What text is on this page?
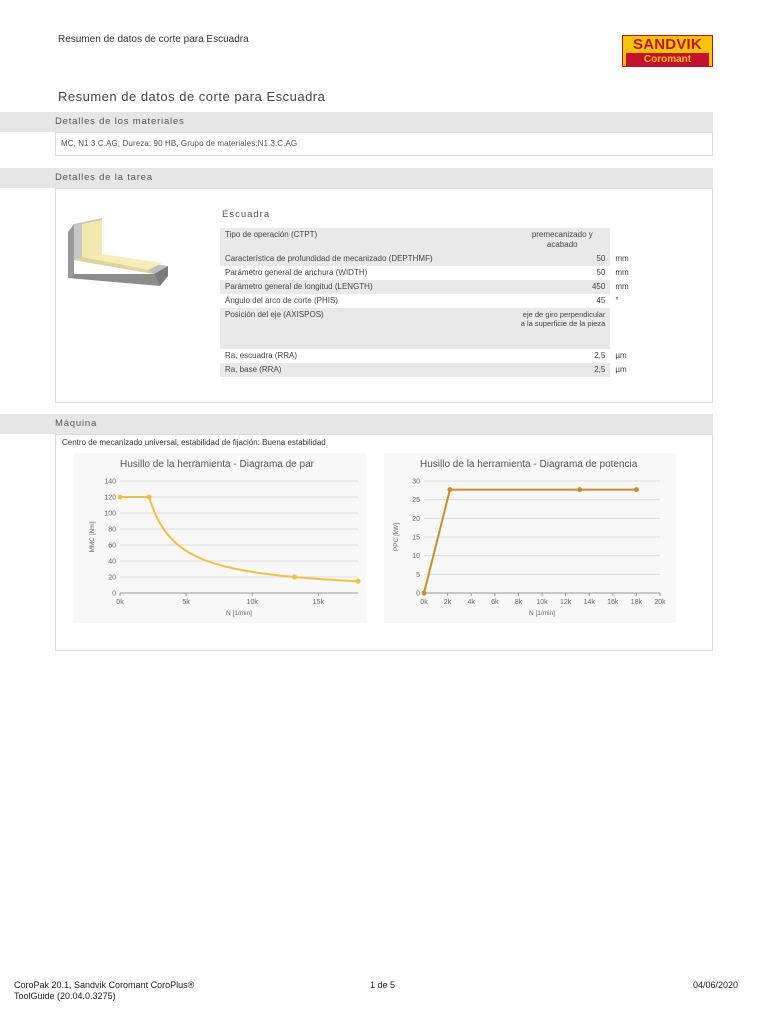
Resumen de datos de corte para Escuadra	SANDVIK
Coromant
Resumen de datos de corte para Escuadra
Detalles de los materiales
MC, N1.3.C.AG, Dureza: 90 HB, Grupo de materiales:N1.3.C.AG
Detalles de la tarea
Escuadra
Tipo de operación (CTPT)	premecanizado y acabado	
Característica de profundidad de mecanizado (DEPTHMF)	50	mm
Parámetro general de anchura (WIDTH)	50	mm
Parámetro general de longitud (LENGTH)	450	mm
Ángulo del arco de corte (PHIS)	45	°
Posición del eje (AXISPOS)	eje de giro perpendicular a la superficie de la pieza	
Ra, escuadra (RRA)	2,5	µm
Ra, base (RRA)	2,5	µm
Máquina
Centro de mecanizado universal, estabilidad de fijación: Buena estabilidad
Husillo de la herramienta - Diagrama de par
0
20
40
60
80
100
120
140
0k	5k	10k	15k
N [1/min]
MMC [Nm]
Husillo de la herramienta - Diagrama de potencia
0
5
10
15
20
25
30
0k 2k 4k 6k 8k 10k 12k 14k 16k 18k 20k
N [1/min]
PPC [kW]
CoroPak 20.1, Sandvik Coromant CoroPlus®
ToolGuide (20.04.0.3275)
1 de 5	04/06/2020
